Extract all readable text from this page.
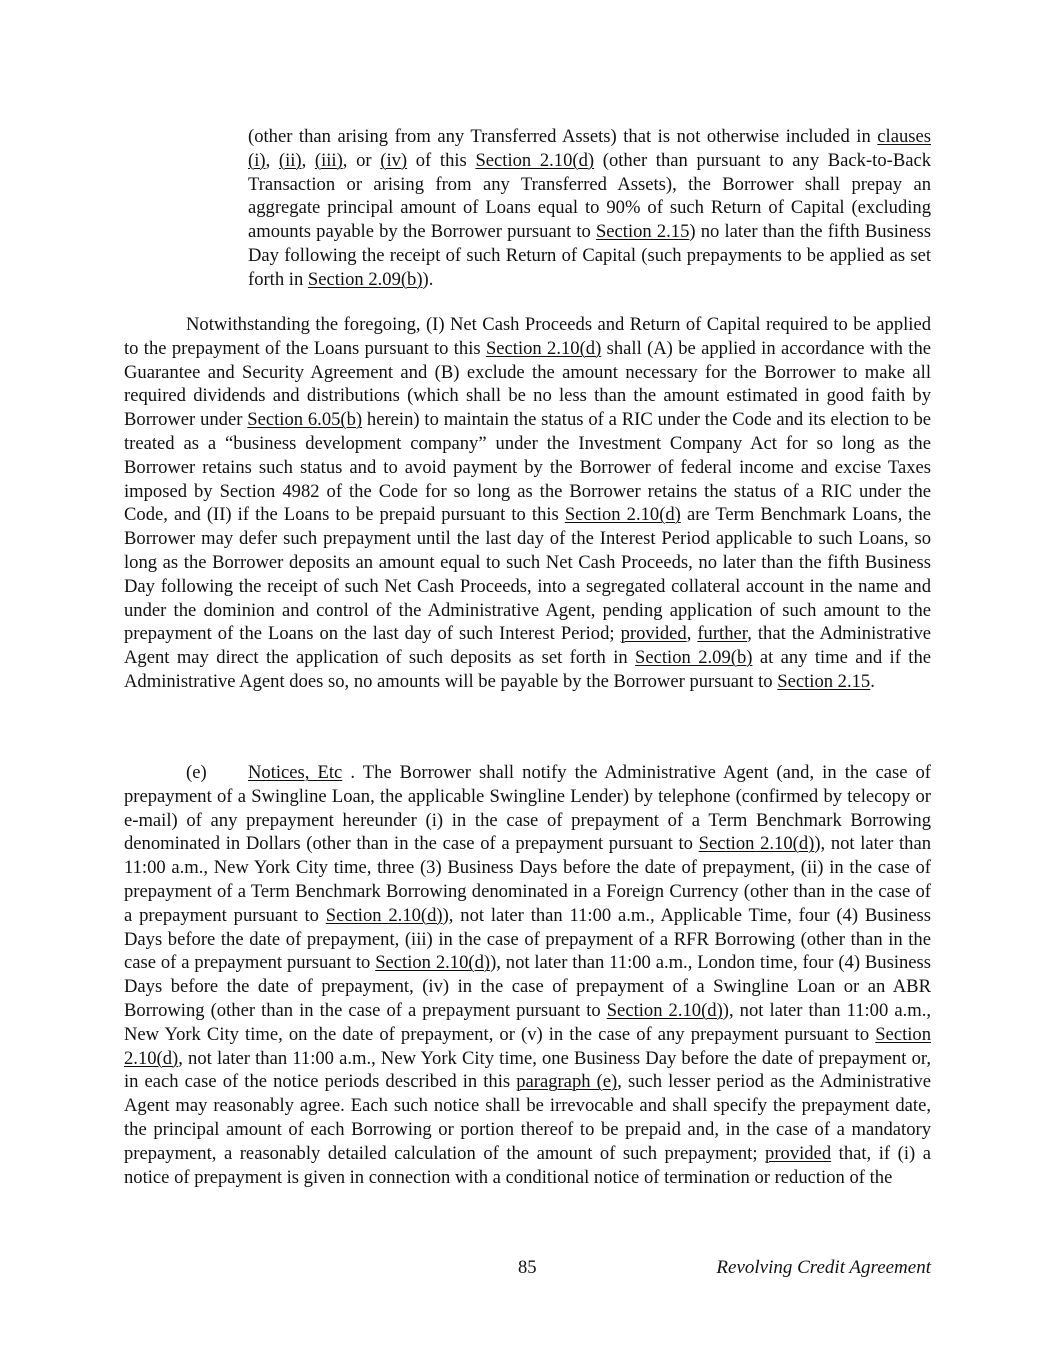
(other than arising from any Transferred Assets) that is not otherwise included in clauses (i), (ii), (iii), or (iv) of this Section 2.10(d) (other than pursuant to any Back-to-Back Transaction or arising from any Transferred Assets), the Borrower shall prepay an aggregate principal amount of Loans equal to 90% of such Return of Capital (excluding amounts payable by the Borrower pursuant to Section 2.15) no later than the fifth Business Day following the receipt of such Return of Capital (such prepayments to be applied as set forth in Section 2.09(b)).

Notwithstanding the foregoing, (I) Net Cash Proceeds and Return of Capital required to be applied to the prepayment of the Loans pursuant to this Section 2.10(d) shall (A) be applied in accordance with the Guarantee and Security Agreement and (B) exclude the amount necessary for the Borrower to make all required dividends and distributions (which shall be no less than the amount estimated in good faith by Borrower under Section 6.05(b) herein) to maintain the status of a RIC under the Code and its election to be treated as a “business development company” under the Investment Company Act for so long as the Borrower retains such status and to avoid payment by the Borrower of federal income and excise Taxes imposed by Section 4982 of the Code for so long as the Borrower retains the status of a RIC under the Code, and (II) if the Loans to be prepaid pursuant to this Section 2.10(d) are Term Benchmark Loans, the Borrower may defer such prepayment until the last day of the Interest Period applicable to such Loans, so long as the Borrower deposits an amount equal to such Net Cash Proceeds, no later than the fifth Business Day following the receipt of such Net Cash Proceeds, into a segregated collateral account in the name and under the dominion and control of the Administrative Agent, pending application of such amount to the prepayment of the Loans on the last day of such Interest Period; provided, further, that the Administrative Agent may direct the application of such deposits as set forth in Section 2.09(b) at any time and if the Administrative Agent does so, no amounts will be payable by the Borrower pursuant to Section 2.15.

(e) Notices, Etc . The Borrower shall notify the Administrative Agent (and, in the case of prepayment of a Swingline Loan, the applicable Swingline Lender) by telephone (confirmed by telecopy or e-mail) of any prepayment hereunder (i) in the case of prepayment of a Term Benchmark Borrowing denominated in Dollars (other than in the case of a prepayment pursuant to Section 2.10(d)), not later than 11:00 a.m., New York City time, three (3) Business Days before the date of prepayment, (ii) in the case of prepayment of a Term Benchmark Borrowing denominated in a Foreign Currency (other than in the case of a prepayment pursuant to Section 2.10(d)), not later than 11:00 a.m., Applicable Time, four (4) Business Days before the date of prepayment, (iii) in the case of prepayment of a RFR Borrowing (other than in the case of a prepayment pursuant to Section 2.10(d)), not later than 11:00 a.m., London time, four (4) Business Days before the date of prepayment, (iv) in the case of prepayment of a Swingline Loan or an ABR Borrowing (other than in the case of a prepayment pursuant to Section 2.10(d)), not later than 11:00 a.m., New York City time, on the date of prepayment, or (v) in the case of any prepayment pursuant to Section 2.10(d), not later than 11:00 a.m., New York City time, one Business Day before the date of prepayment or, in each case of the notice periods described in this paragraph (e), such lesser period as the Administrative Agent may reasonably agree. Each such notice shall be irrevocable and shall specify the prepayment date, the principal amount of each Borrowing or portion thereof to be prepaid and, in the case of a mandatory prepayment, a reasonably detailed calculation of the amount of such prepayment; provided that, if (i) a notice of prepayment is given in connection with a conditional notice of termination or reduction of the

85	Revolving Credit Agreement
